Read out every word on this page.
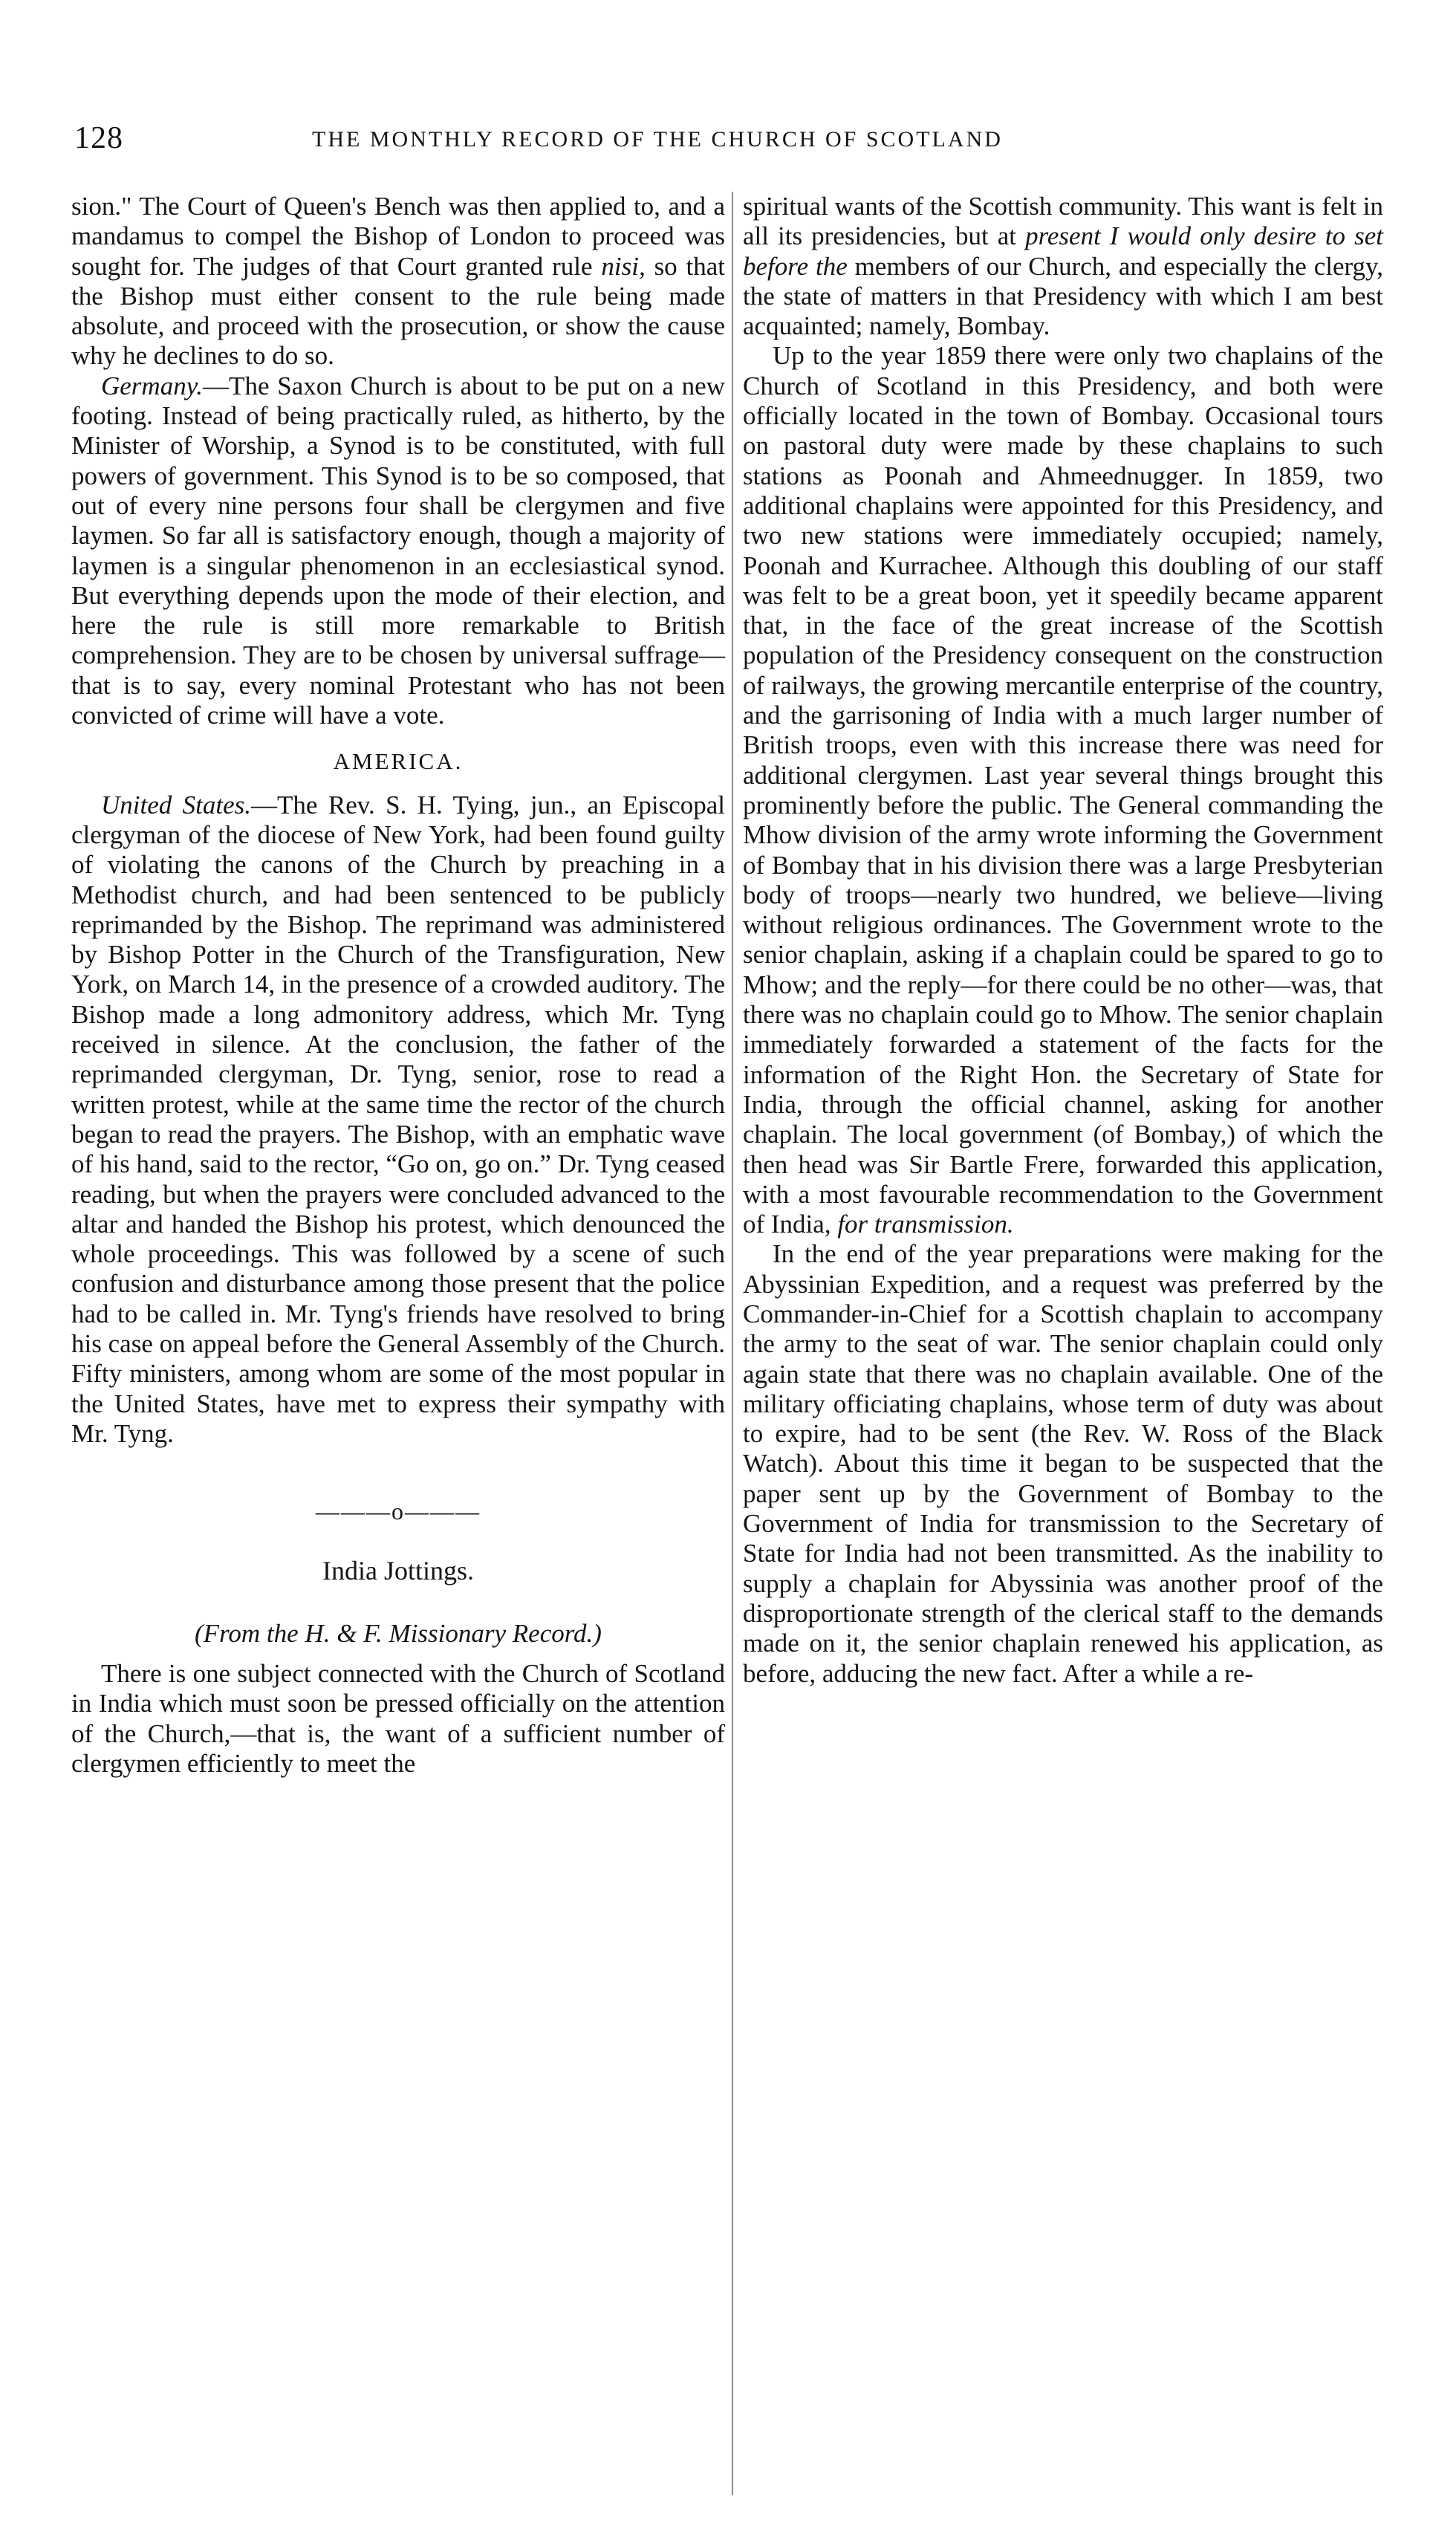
128	THE MONTHLY RECORD OF THE CHURCH OF SCOTLAND

sion." The Court of Queen's Bench was then applied to, and a mandamus to compel the Bishop of London to proceed was sought for. The judges of that Court granted rule nisi, so that the Bishop must either consent to the rule being made absolute, and proceed with the prosecution, or show the cause why he declines to do so.

Germany.—The Saxon Church is about to be put on a new footing. Instead of being practically ruled, as hitherto, by the Minister of Worship, a Synod is to be constituted, with full powers of government. This Synod is to be so composed, that out of every nine persons four shall be clergymen and five laymen. So far all is satisfactory enough, though a majority of laymen is a singular phenomenon in an ecclesiastical synod. But everything depends upon the mode of their election, and here the rule is still more remarkable to British comprehension. They are to be chosen by universal suffrage—that is to say, every nominal Protestant who has not been convicted of crime will have a vote.

AMERICA.

United States.—The Rev. S. H. Tying, jun., an Episcopal clergyman of the diocese of New York, had been found guilty of violating the canons of the Church by preaching in a Methodist church, and had been sentenced to be publicly reprimanded by the Bishop. The reprimand was administered by Bishop Potter in the Church of the Transfiguration, New York, on March 14, in the presence of a crowded auditory. The Bishop made a long admonitory address, which Mr. Tyng received in silence. At the conclusion, the father of the reprimanded clergyman, Dr. Tyng, senior, rose to read a written protest, while at the same time the rector of the church began to read the prayers. The Bishop, with an emphatic wave of his hand, said to the rector, “Go on, go on.” Dr. Tyng ceased reading, but when the prayers were concluded advanced to the altar and handed the Bishop his protest, which denounced the whole proceedings. This was followed by a scene of such confusion and disturbance among those present that the police had to be called in. Mr. Tyng's friends have resolved to bring his case on appeal before the General Assembly of the Church. Fifty ministers, among whom are some of the most popular in the United States, have met to express their sympathy with Mr. Tyng.

———o———

India Jottings.

(From the H. & F. Missionary Record.)

There is one subject connected with the Church of Scotland in India which must soon be pressed officially on the attention of the Church,—that is, the want of a sufficient number of clergymen efficiently to meet the

spiritual wants of the Scottish community. This want is felt in all its presidencies, but at present I would only desire to set before the members of our Church, and especially the clergy, the state of matters in that Presidency with which I am best acquainted; namely, Bombay.

Up to the year 1859 there were only two chaplains of the Church of Scotland in this Presidency, and both were officially located in the town of Bombay. Occasional tours on pastoral duty were made by these chaplains to such stations as Poonah and Ahmeednugger. In 1859, two additional chaplains were appointed for this Presidency, and two new stations were immediately occupied; namely, Poonah and Kurrachee. Although this doubling of our staff was felt to be a great boon, yet it speedily became apparent that, in the face of the great increase of the Scottish population of the Presidency consequent on the construction of railways, the growing mercantile enterprise of the country, and the garrisoning of India with a much larger number of British troops, even with this increase there was need for additional clergymen. Last year several things brought this prominently before the public. The General commanding the Mhow division of the army wrote informing the Government of Bombay that in his division there was a large Presbyterian body of troops—nearly two hundred, we believe—living without religious ordinances. The Government wrote to the senior chaplain, asking if a chaplain could be spared to go to Mhow; and the reply—for there could be no other—was, that there was no chaplain could go to Mhow. The senior chaplain immediately forwarded a statement of the facts for the information of the Right Hon. the Secretary of State for India, through the official channel, asking for another chaplain. The local government (of Bombay,) of which the then head was Sir Bartle Frere, forwarded this application, with a most favourable recommendation to the Government of India, for transmission.

In the end of the year preparations were making for the Abyssinian Expedition, and a request was preferred by the Commander-in-Chief for a Scottish chaplain to accompany the army to the seat of war. The senior chaplain could only again state that there was no chaplain available. One of the military officiating chaplains, whose term of duty was about to expire, had to be sent (the Rev. W. Ross of the Black Watch). About this time it began to be suspected that the paper sent up by the Government of Bombay to the Government of India for transmission to the Secretary of State for India had not been transmitted. As the inability to supply a chaplain for Abyssinia was another proof of the disproportionate strength of the clerical staff to the demands made on it, the senior chaplain renewed his application, as before, adducing the new fact. After a while a re-
